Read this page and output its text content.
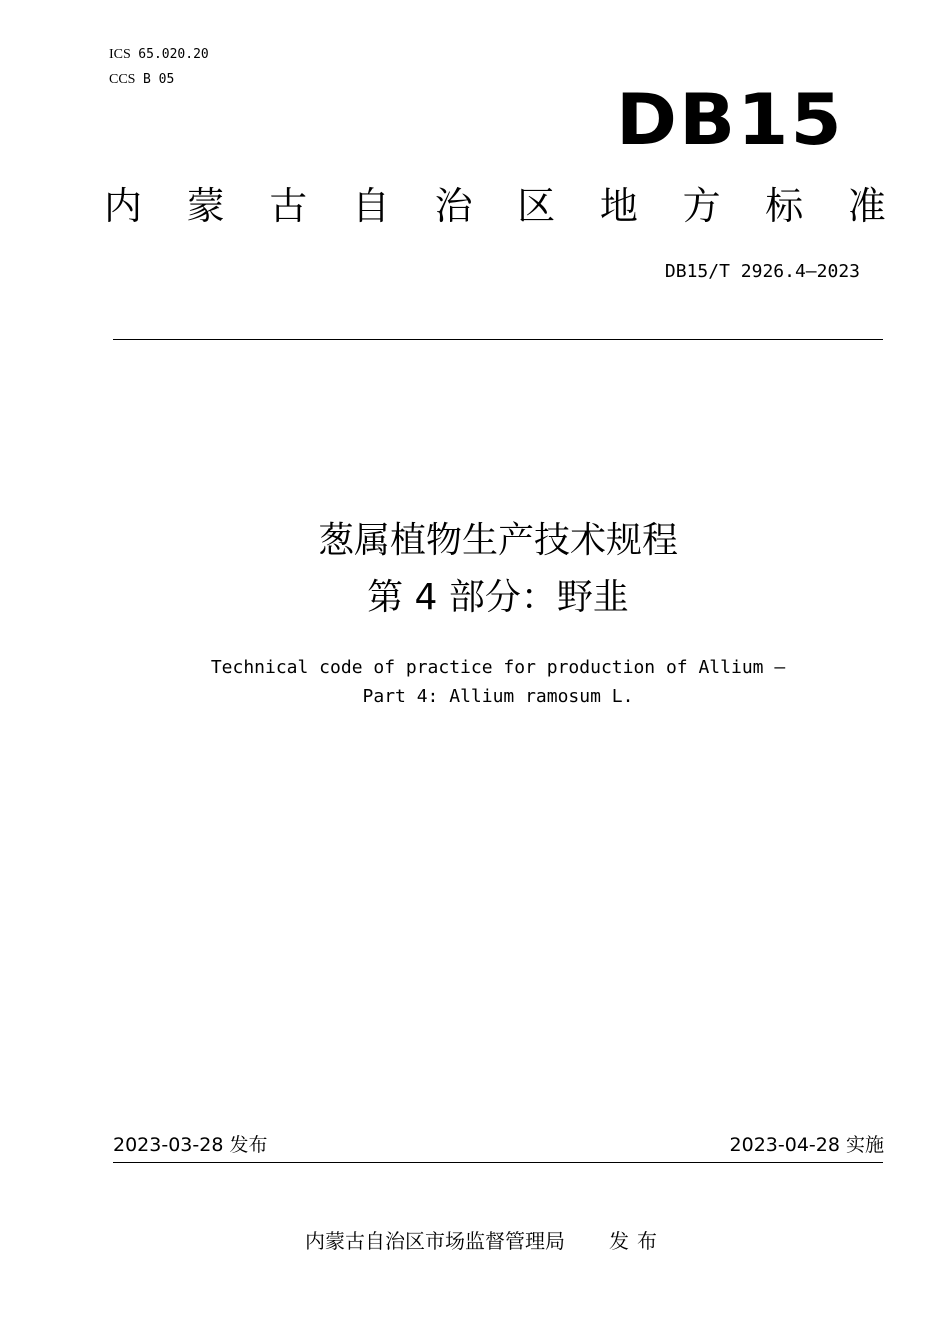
ICS 65.020.20
CCS B 05	DB15
内 蒙 古 自 治 区 地 方 标 准
DB15/T 2926.4—2023
葱属植物生产技术规程
第 4 部分：野韭
Technical code of practice for production of Allium —
Part 4: Allium ramosum L.
2023-03-28 发布	2023-04-28 实施
内蒙古自治区市场监督管理局 发布
